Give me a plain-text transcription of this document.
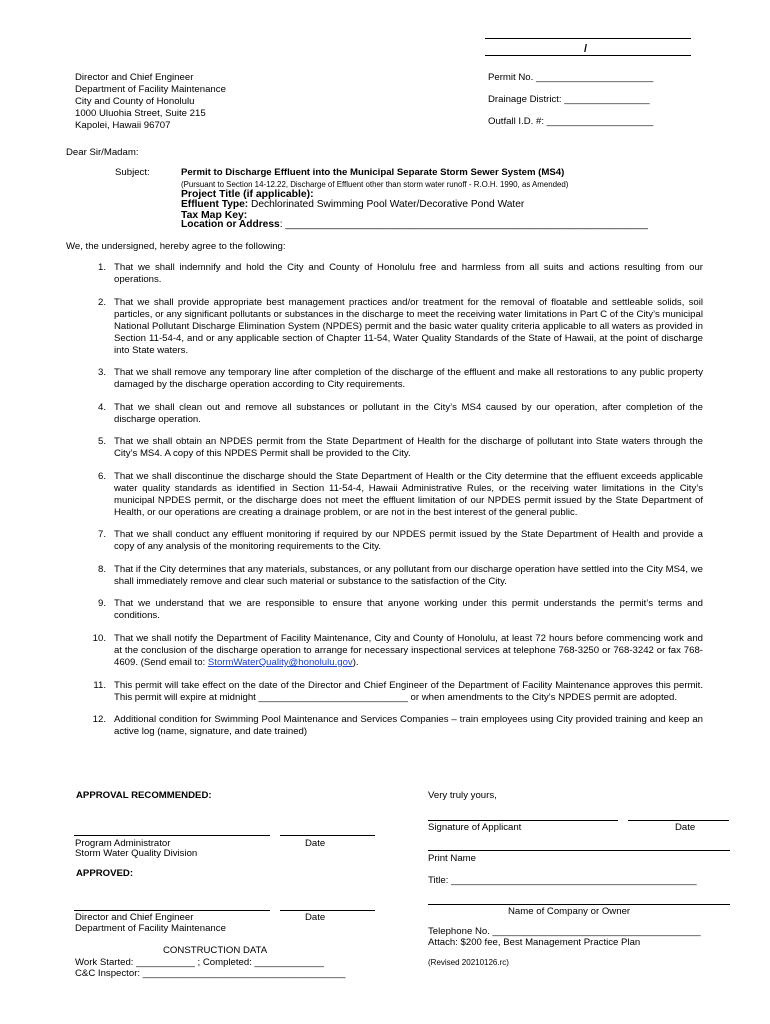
/
Director and Chief Engineer
Department of Facility Maintenance
City and County of Honolulu
1000 Uluohia Street, Suite 215
Kapolei, Hawaii 96707
Permit No. ______________________
Drainage District: ________________
Outfall I.D. #: ____________________
Dear Sir/Madam:
Subject:	Permit to Discharge Effluent into the Municipal Separate Storm Sewer System (MS4)
(Pursuant to Section 14-12.22, Discharge of Effluent other than storm water runoff - R.O.H. 1990, as Amended)
Project Title (if applicable):
Effluent Type: Dechlorinated Swimming Pool Water/Decorative Pond Water
Tax Map Key:
Location or Address: ________________________________________________________________
We, the undersigned, hereby agree to the following:
1. That we shall indemnify and hold the City and County of Honolulu free and harmless from all suits and actions resulting from our operations.
2. That we shall provide appropriate best management practices and/or treatment for the removal of floatable and settleable solids, soil particles, or any significant pollutants or substances in the discharge to meet the receiving water limitations in Part C of the City’s municipal National Pollutant Discharge Elimination System (NPDES) permit and the basic water quality criteria applicable to all waters as provided in Section 11-54-4, and or any applicable section of Chapter 11-54, Water Quality Standards of the State of Hawaii, at the point of discharge into State waters.
3. That we shall remove any temporary line after completion of the discharge of the effluent and make all restorations to any public property damaged by the discharge operation according to City requirements.
4. That we shall clean out and remove all substances or pollutant in the City’s MS4 caused by our operation, after completion of the discharge operation.
5. That we shall obtain an NPDES permit from the State Department of Health for the discharge of pollutant into State waters through the City’s MS4. A copy of this NPDES Permit shall be provided to the City.
6. That we shall discontinue the discharge should the State Department of Health or the City determine that the effluent exceeds applicable water quality standards as identified in Section 11-54-4, Hawaii Administrative Rules, or the receiving water limitations in the City’s municipal NPDES permit, or the discharge does not meet the effluent limitation of our NPDES permit issued by the State Department of Health, or our operations are creating a drainage problem, or are not in the best interest of the general public.
7. That we shall conduct any effluent monitoring if required by our NPDES permit issued by the State Department of Health and provide a copy of any analysis of the monitoring requirements to the City.
8. That if the City determines that any materials, substances, or any pollutant from our discharge operation have settled into the City MS4, we shall immediately remove and clear such material or substance to the satisfaction of the City.
9. That we understand that we are responsible to ensure that anyone working under this permit understands the permit’s terms and conditions.
10. That we shall notify the Department of Facility Maintenance, City and County of Honolulu, at least 72 hours before commencing work and at the conclusion of the discharge operation to arrange for necessary inspectional services at telephone 768-3250 or 768-3242 or fax 768-4609. (Send email to: StormWaterQuality@honolulu.gov).
11. This permit will take effect on the date of the Director and Chief Engineer of the Department of Facility Maintenance approves this permit. This permit will expire at midnight ____________________________ or when amendments to the City’s NPDES permit are adopted.
12. Additional condition for Swimming Pool Maintenance and Services Companies – train employees using City provided training and keep an active log (name, signature, and date trained)
APPROVAL RECOMMENDED:
Program Administrator	Date
Storm Water Quality Division
APPROVED:
Director and Chief Engineer	Date
Department of Facility Maintenance
CONSTRUCTION DATA
Work Started: ___________ ; Completed: _____________
C&C Inspector: ______________________________________
Very truly yours,
Signature of Applicant	Date
Print Name
Title: ______________________________________________
Name of Company or Owner
Telephone No. _______________________________________
Attach: $200 fee, Best Management Practice Plan
(Revised 20210126.rc)
